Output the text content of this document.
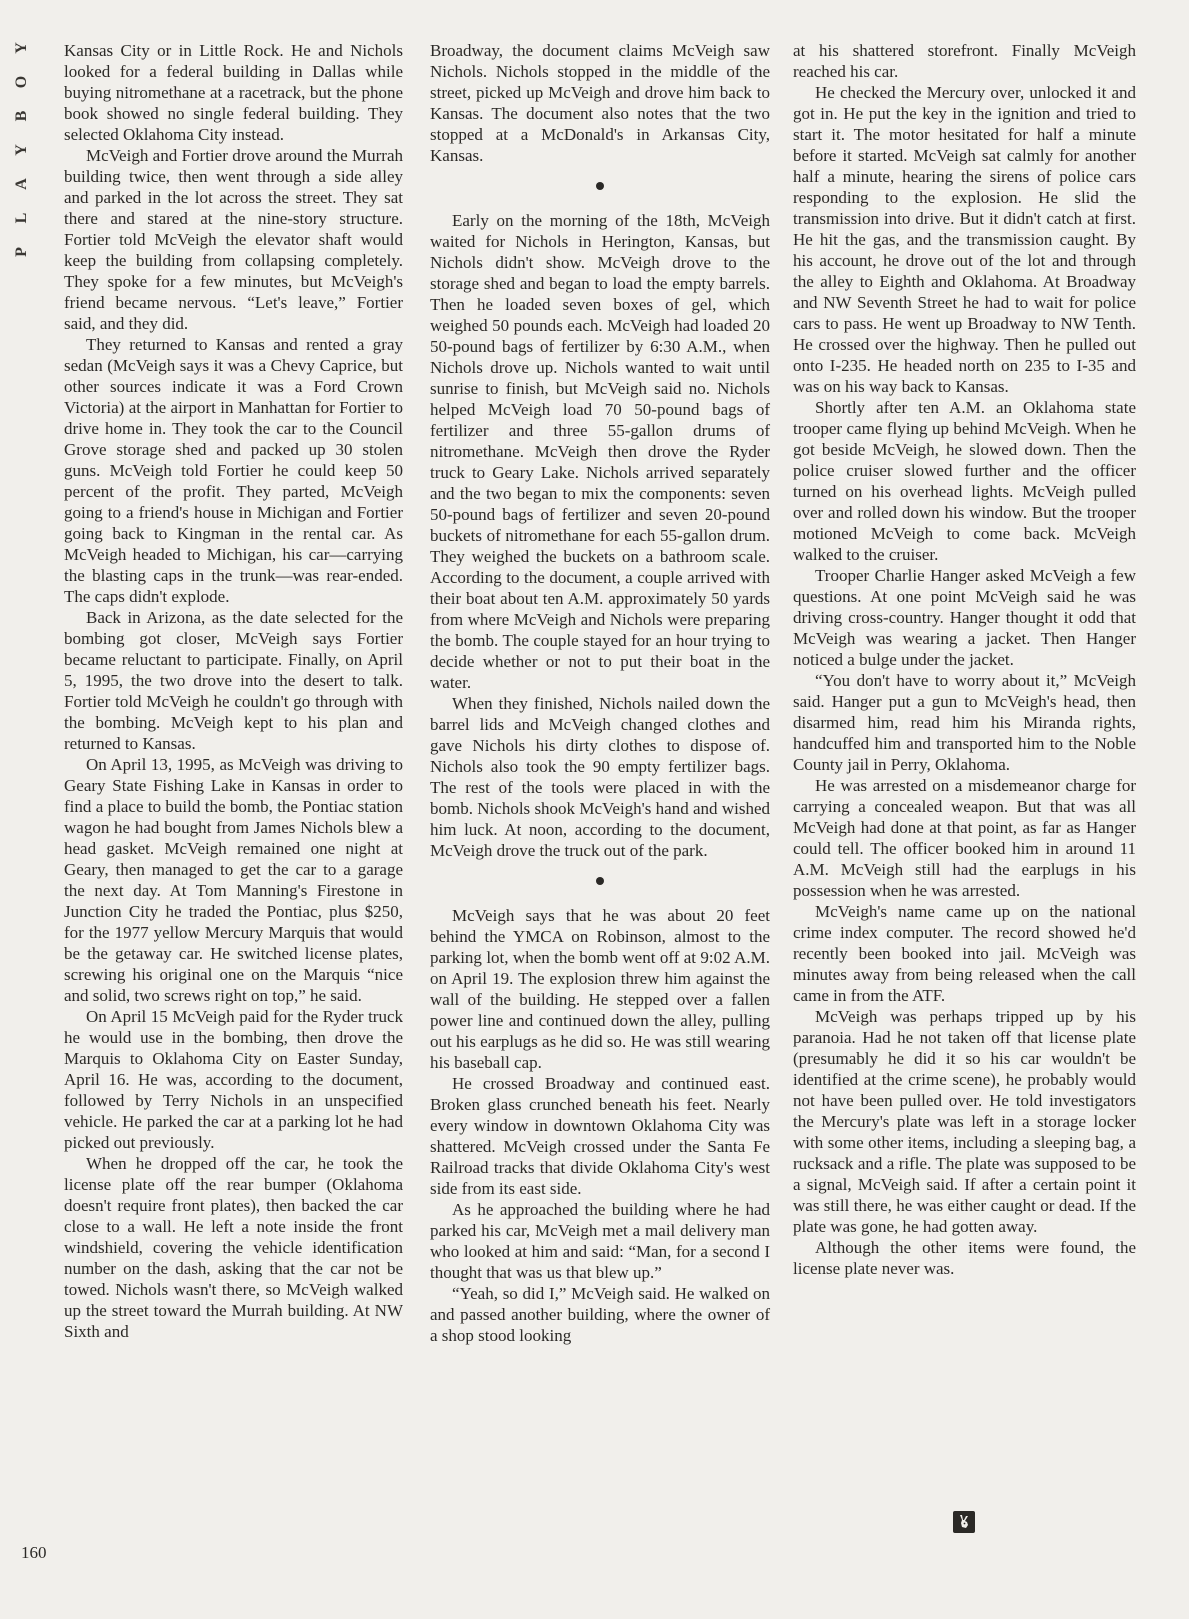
Y
O
B
Y
A
L
P

Kansas City or in Little Rock. He and Nichols looked for a federal building in Dallas while buying nitromethane at a racetrack, but the phone book showed no single federal building. They selected Oklahoma City instead.

McVeigh and Fortier drove around the Murrah building twice, then went through a side alley and parked in the lot across the street. They sat there and stared at the nine-story structure. Fortier told McVeigh the elevator shaft would keep the building from collapsing completely. They spoke for a few minutes, but McVeigh's friend became nervous. “Let's leave,” Fortier said, and they did.

They returned to Kansas and rented a gray sedan (McVeigh says it was a Chevy Caprice, but other sources indicate it was a Ford Crown Victoria) at the airport in Manhattan for Fortier to drive home in. They took the car to the Council Grove storage shed and packed up 30 stolen guns. McVeigh told Fortier he could keep 50 percent of the profit. They parted, McVeigh going to a friend's house in Michigan and Fortier going back to Kingman in the rental car. As McVeigh headed to Michigan, his car—carrying the blasting caps in the trunk—was rear-ended. The caps didn't explode.

Back in Arizona, as the date selected for the bombing got closer, McVeigh says Fortier became reluctant to participate. Finally, on April 5, 1995, the two drove into the desert to talk. Fortier told McVeigh he couldn't go through with the bombing. McVeigh kept to his plan and returned to Kansas.

On April 13, 1995, as McVeigh was driving to Geary State Fishing Lake in Kansas in order to find a place to build the bomb, the Pontiac station wagon he had bought from James Nichols blew a head gasket. McVeigh remained one night at Geary, then managed to get the car to a garage the next day. At Tom Manning's Firestone in Junction City he traded the Pontiac, plus $250, for the 1977 yellow Mercury Marquis that would be the getaway car. He switched license plates, screwing his original one on the Marquis “nice and solid, two screws right on top,” he said.

On April 15 McVeigh paid for the Ryder truck he would use in the bombing, then drove the Marquis to Oklahoma City on Easter Sunday, April 16. He was, according to the document, followed by Terry Nichols in an unspecified vehicle. He parked the car at a parking lot he had picked out previously.

When he dropped off the car, he took the license plate off the rear bumper (Oklahoma doesn't require front plates), then backed the car close to a wall. He left a note inside the front windshield, covering the vehicle identification number on the dash, asking that the car not be towed. Nichols wasn't there, so McVeigh walked up the street toward the Murrah building. At NW Sixth and

Broadway, the document claims McVeigh saw Nichols. Nichols stopped in the middle of the street, picked up McVeigh and drove him back to Kansas. The document also notes that the two stopped at a McDonald's in Arkansas City, Kansas.

Early on the morning of the 18th, McVeigh waited for Nichols in Herington, Kansas, but Nichols didn't show. McVeigh drove to the storage shed and began to load the empty barrels. Then he loaded seven boxes of gel, which weighed 50 pounds each. McVeigh had loaded 20 50-pound bags of fertilizer by 6:30 A.M., when Nichols drove up. Nichols wanted to wait until sunrise to finish, but McVeigh said no. Nichols helped McVeigh load 70 50-pound bags of fertilizer and three 55-gallon drums of nitromethane. McVeigh then drove the Ryder truck to Geary Lake. Nichols arrived separately and the two began to mix the components: seven 50-pound bags of fertilizer and seven 20-pound buckets of nitromethane for each 55-gallon drum. They weighed the buckets on a bathroom scale. According to the document, a couple arrived with their boat about ten A.M. approximately 50 yards from where McVeigh and Nichols were preparing the bomb. The couple stayed for an hour trying to decide whether or not to put their boat in the water.

When they finished, Nichols nailed down the barrel lids and McVeigh changed clothes and gave Nichols his dirty clothes to dispose of. Nichols also took the 90 empty fertilizer bags. The rest of the tools were placed in with the bomb. Nichols shook McVeigh's hand and wished him luck. At noon, according to the document, McVeigh drove the truck out of the park.

McVeigh says that he was about 20 feet behind the YMCA on Robinson, almost to the parking lot, when the bomb went off at 9:02 A.M. on April 19. The explosion threw him against the wall of the building. He stepped over a fallen power line and continued down the alley, pulling out his earplugs as he did so. He was still wearing his baseball cap.

He crossed Broadway and continued east. Broken glass crunched beneath his feet. Nearly every window in downtown Oklahoma City was shattered. McVeigh crossed under the Santa Fe Railroad tracks that divide Oklahoma City's west side from its east side.

As he approached the building where he had parked his car, McVeigh met a mail delivery man who looked at him and said: “Man, for a second I thought that was us that blew up.”

“Yeah, so did I,” McVeigh said. He walked on and passed another building, where the owner of a shop stood looking

at his shattered storefront. Finally McVeigh reached his car.

He checked the Mercury over, unlocked it and got in. He put the key in the ignition and tried to start it. The motor hesitated for half a minute before it started. McVeigh sat calmly for another half a minute, hearing the sirens of police cars responding to the explosion. He slid the transmission into drive. But it didn't catch at first. He hit the gas, and the transmission caught. By his account, he drove out of the lot and through the alley to Eighth and Oklahoma. At Broadway and NW Seventh Street he had to wait for police cars to pass. He went up Broadway to NW Tenth. He crossed over the highway. Then he pulled out onto I-235. He headed north on 235 to I-35 and was on his way back to Kansas.

Shortly after ten A.M. an Oklahoma state trooper came flying up behind McVeigh. When he got beside McVeigh, he slowed down. Then the police cruiser slowed further and the officer turned on his overhead lights. McVeigh pulled over and rolled down his window. But the trooper motioned McVeigh to come back. McVeigh walked to the cruiser.

Trooper Charlie Hanger asked McVeigh a few questions. At one point McVeigh said he was driving cross-country. Hanger thought it odd that McVeigh was wearing a jacket. Then Hanger noticed a bulge under the jacket.

“You don't have to worry about it,” McVeigh said. Hanger put a gun to McVeigh's head, then disarmed him, read him his Miranda rights, handcuffed him and transported him to the Noble County jail in Perry, Oklahoma.

He was arrested on a misdemeanor charge for carrying a concealed weapon. But that was all McVeigh had done at that point, as far as Hanger could tell. The officer booked him in around 11 A.M. McVeigh still had the earplugs in his possession when he was arrested.

McVeigh's name came up on the national crime index computer. The record showed he'd recently been booked into jail. McVeigh was minutes away from being released when the call came in from the ATF.

McVeigh was perhaps tripped up by his paranoia. Had he not taken off that license plate (presumably he did it so his car wouldn't be identified at the crime scene), he probably would not have been pulled over. He told investigators the Mercury's plate was left in a storage locker with some other items, including a sleeping bag, a rucksack and a rifle. The plate was supposed to be a signal, McVeigh said. If after a certain point it was still there, he was either caught or dead. If the plate was gone, he had gotten away.

Although the other items were found, the license plate never was.

160
